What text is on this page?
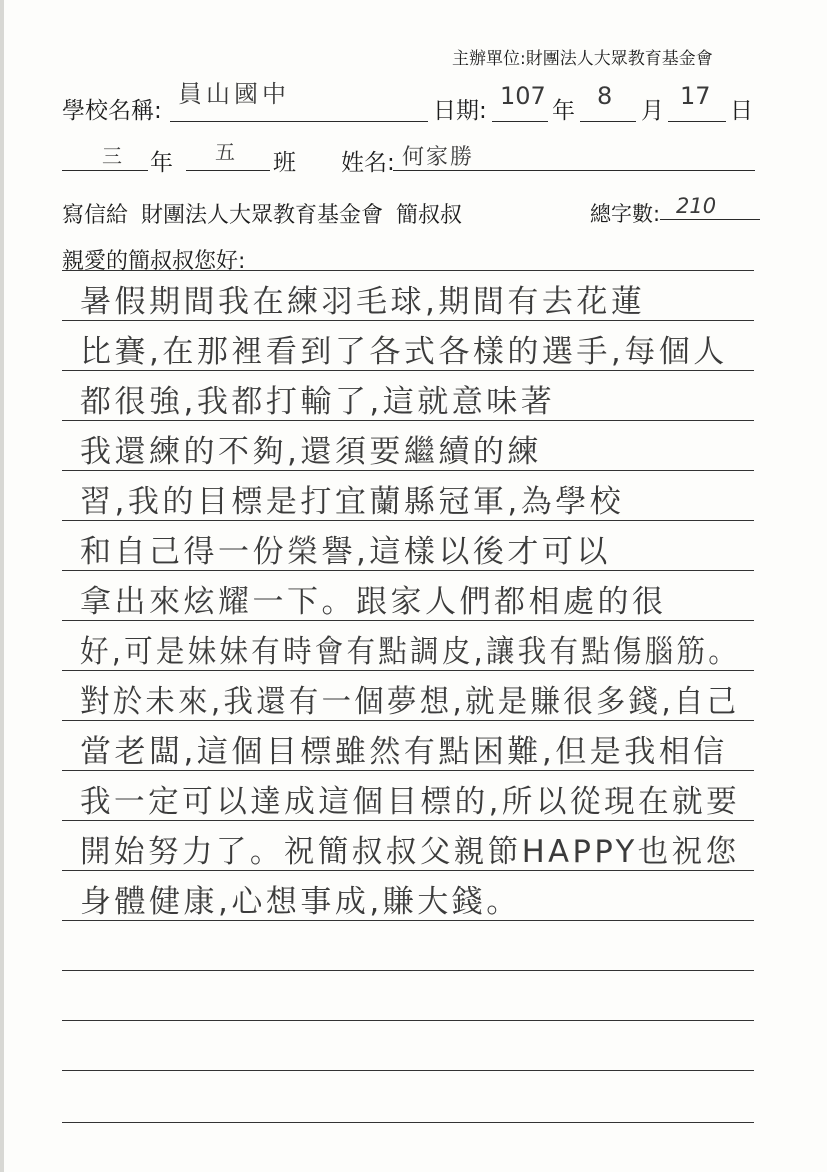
主辦單位:財團法人大眾教育基金會
學校名稱:
員山國中
日期:
107
年
8
月
17
日
三 年 五 班 姓名: 何家勝
寫信給 財團法人大眾教育基金會 簡叔叔	總字數: 210
親愛的簡叔叔您好:
暑假期間我在練羽毛球,期間有去花蓮
比賽,在那裡看到了各式各樣的選手,每個人
都很強,我都打輸了,這就意味著
我還練的不夠,還須要繼續的練
習,我的目標是打宜蘭縣冠軍,為學校
和自己得一份榮譽,這樣以後才可以
拿出來炫耀一下。跟家人們都相處的很
好,可是妹妹有時會有點調皮,讓我有點傷腦筋。
對於未來,我還有一個夢想,就是賺很多錢,自己
當老闆,這個目標雖然有點困難,但是我相信
我一定可以達成這個目標的,所以從現在就要
開始努力了。祝簡叔叔父親節HAPPY也祝您
身體健康,心想事成,賺大錢。
